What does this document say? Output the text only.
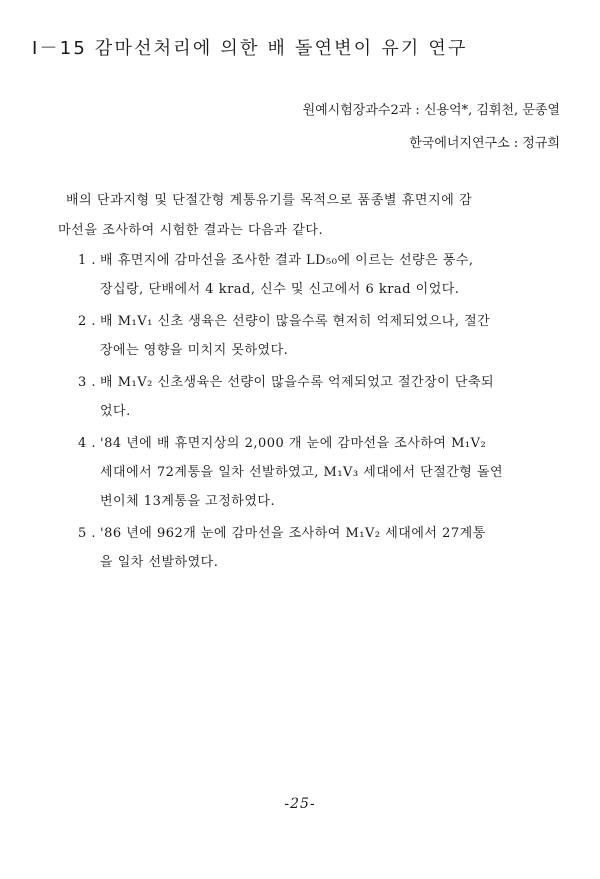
I－15 감마선처리에 의한 배 돌연변이 유기 연구
원예시험장과수2과 : 신용억*, 김휘천, 문종열
한국에너지연구소 : 정규희
배의 단과지형 및 단절간형 계통유기를 목적으로 품종별 휴면지에 감
마선을 조사하여 시험한 결과는 다음과 같다.
1 . 배 휴면지에 감마선을 조사한 결과 LD₅₀에 이르는 선량은 풍수,
장십랑, 단배에서 4 krad, 신수 및 신고에서 6 krad 이었다.
2 . 배 M₁V₁ 신초 생육은 선량이 많을수록 현저히 억제되었으나, 절간
장에는 영향을 미치지 못하였다.
3 . 배 M₁V₂ 신초생육은 선량이 많을수록 억제되었고 절간장이 단축되
었다.
4 . '84 년에 배 휴면지상의 2,000 개 눈에 감마선을 조사하여 M₁V₂
세대에서 72계통을 일차 선발하였고, M₁V₃ 세대에서 단절간형 돌연
변이체 13계통을 고정하였다.
5 . '86 년에 962개 눈에 감마선을 조사하여 M₁V₂ 세대에서 27계통
을 일차 선발하였다.
-25-
